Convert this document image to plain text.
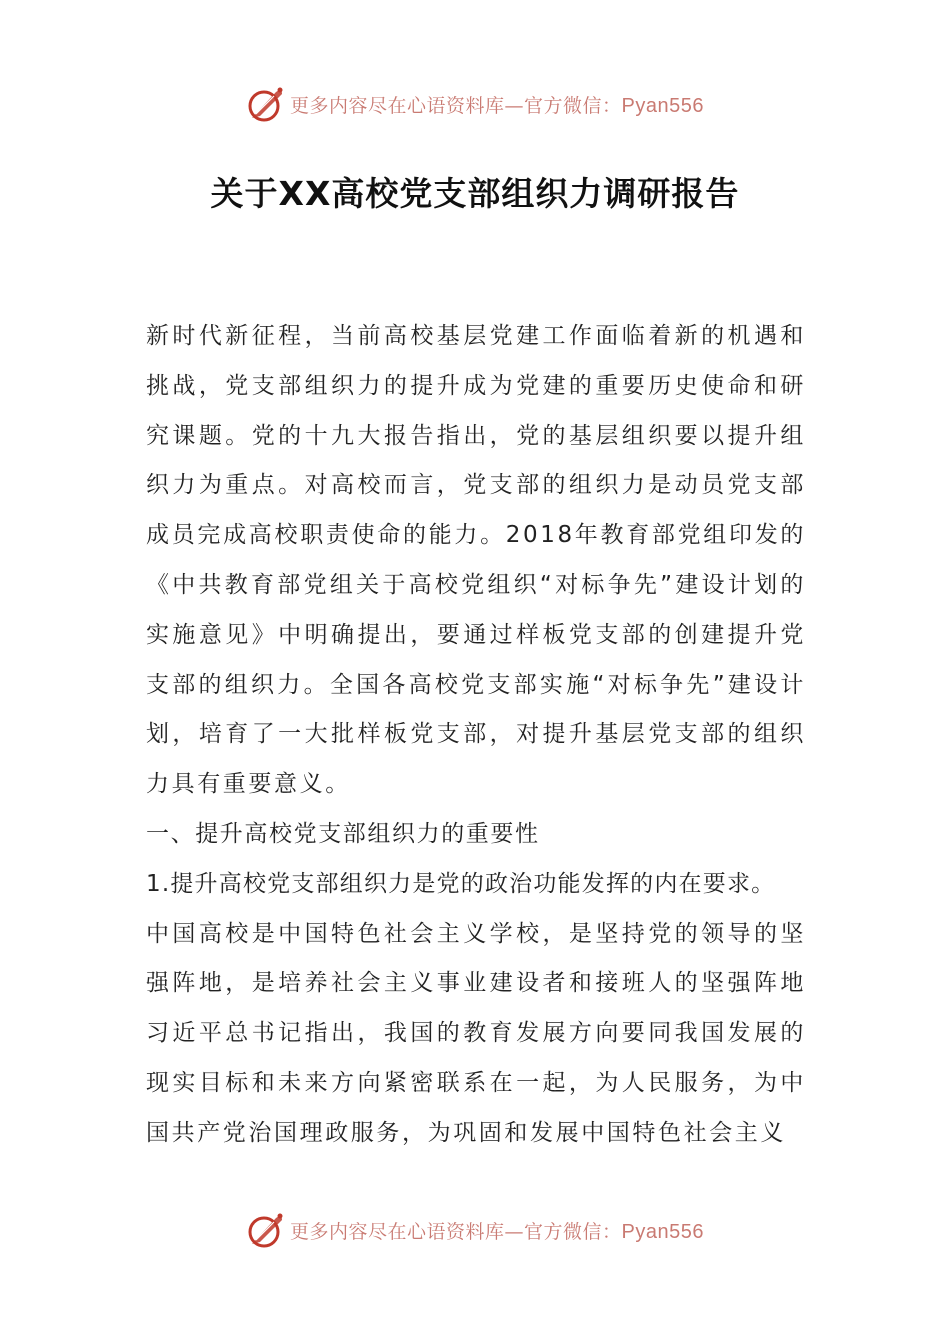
更多内容尽在心语资料库—官方微信：Pyan556
关于XX高校党支部组织力调研报告

新时代新征程，当前高校基层党建工作面临着新的机遇和挑战，党支部组织力的提升成为党建的重要历史使命和研究课题。党的十九大报告指出，党的基层组织要以提升组织力为重点。对高校而言，党支部的组织力是动员党支部成员完成高校职责使命的能力。2018年教育部党组印发的《中共教育部党组关于高校党组织“对标争先”建设计划的实施意见》中明确提出，要通过样板党支部的创建提升党支部的组织力。全国各高校党支部实施“对标争先”建设计划，培育了一大批样板党支部，对提升基层党支部的组织力具有重要意义。

一、提升高校党支部组织力的重要性

1.提升高校党支部组织力是党的政治功能发挥的内在要求。

中国高校是中国特色社会主义学校，是坚持党的领导的坚强阵地，是培养社会主义事业建设者和接班人的坚强阵地习近平总书记指出，我国的教育发展方向要同我国发展的现实目标和未来方向紧密联系在一起，为人民服务，为中国共产党治国理政服务，为巩固和发展中国特色社会主义

更多内容尽在心语资料库—官方微信：Pyan556
